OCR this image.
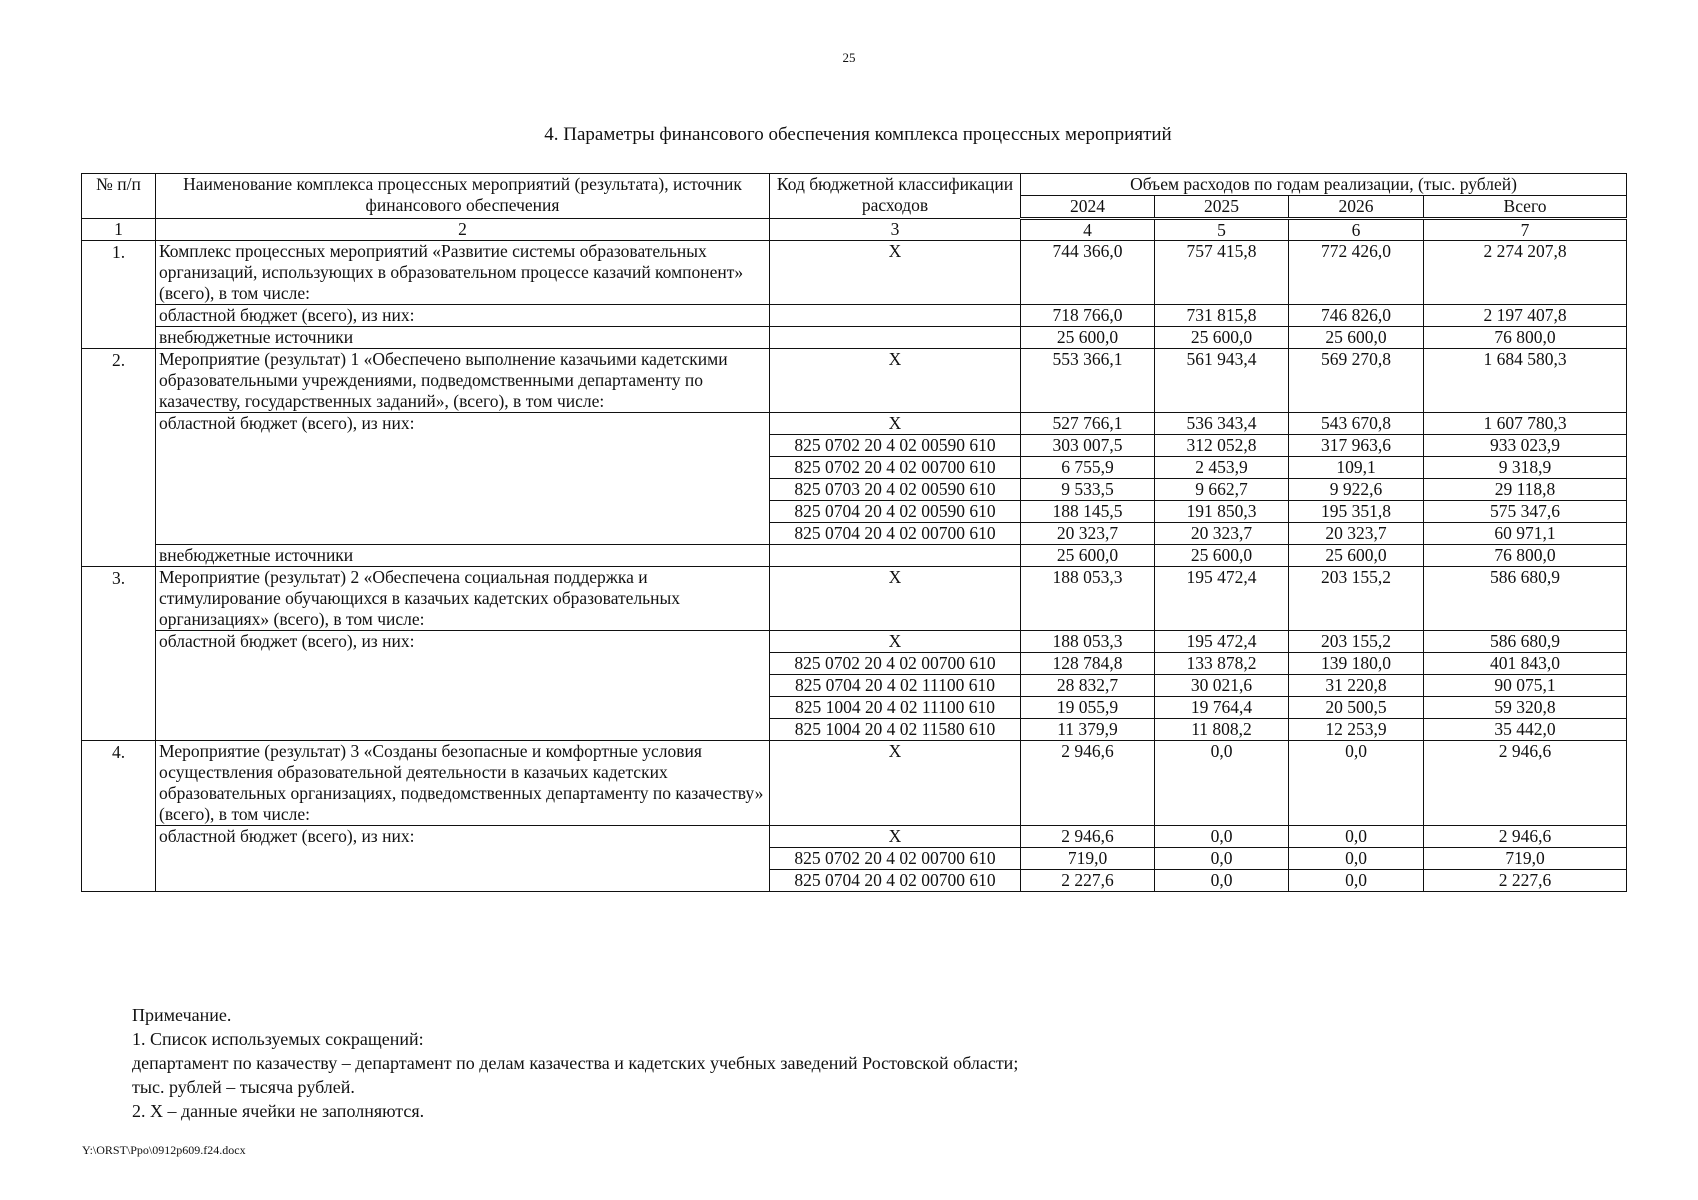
25
4. Параметры финансового обеспечения комплекса процессных мероприятий
№ п/п	Наименование комплекса процессных мероприятий (результата), источник финансового обеспечения	Код бюджетной классификации расходов	Объем расходов по годам реализации, (тыс. рублей)			
			2024	2025	2026	Всего
1	2	3	4	5	6	7
1.	Комплекс процессных мероприятий «Развитие системы образовательных организаций, использующих в образовательном процессе казачий компонент» (всего), в том числе:	X	744 366,0	757 415,8	772 426,0	2 274 207,8
	областной бюджет (всего), из них:		718 766,0	731 815,8	746 826,0	2 197 407,8
	внебюджетные источники		25 600,0	25 600,0	25 600,0	76 800,0
2.	Мероприятие (результат) 1 «Обеспечено выполнение казачьими кадетскими образовательными учреждениями, подведомственными департаменту по казачеству, государственных заданий», (всего), в том числе:	X	553 366,1	561 943,4	569 270,8	1 684 580,3
	областной бюджет (всего), из них:	X	527 766,1	536 343,4	543 670,8	1 607 780,3
		825 0702 20 4 02 00590 610	303 007,5	312 052,8	317 963,6	933 023,9
		825 0702 20 4 02 00700 610	6 755,9	2 453,9	109,1	9 318,9
		825 0703 20 4 02 00590 610	9 533,5	9 662,7	9 922,6	29 118,8
		825 0704 20 4 02 00590 610	188 145,5	191 850,3	195 351,8	575 347,6
		825 0704 20 4 02 00700 610	20 323,7	20 323,7	20 323,7	60 971,1
	внебюджетные источники		25 600,0	25 600,0	25 600,0	76 800,0
3.	Мероприятие (результат) 2 «Обеспечена социальная поддержка и стимулирование обучающихся в казачьих кадетских образовательных организациях» (всего), в том числе:	X	188 053,3	195 472,4	203 155,2	586 680,9
	областной бюджет (всего), из них:	X	188 053,3	195 472,4	203 155,2	586 680,9
		825 0702 20 4 02 00700 610	128 784,8	133 878,2	139 180,0	401 843,0
		825 0704 20 4 02 11100 610	28 832,7	30 021,6	31 220,8	90 075,1
		825 1004 20 4 02 11100 610	19 055,9	19 764,4	20 500,5	59 320,8
		825 1004 20 4 02 11580 610	11 379,9	11 808,2	12 253,9	35 442,0
4.	Мероприятие (результат) 3 «Созданы безопасные и комфортные условия осуществления образовательной деятельности в казачьих кадетских образовательных организациях, подведомственных департаменту по казачеству» (всего), в том числе:	X	2 946,6	0,0	0,0	2 946,6
	областной бюджет (всего), из них:	X	2 946,6	0,0	0,0	2 946,6
		825 0702 20 4 02 00700 610	719,0	0,0	0,0	719,0
		825 0704 20 4 02 00700 610	2 227,6	0,0	0,0	2 227,6
Примечание.
1. Список используемых сокращений:
департамент по казачеству – департамент по делам казачества и кадетских учебных заведений Ростовской области;
тыс. рублей – тысяча рублей.
2. X – данные ячейки не заполняются.
Y:\ORST\Ppo\0912p609.f24.docx
